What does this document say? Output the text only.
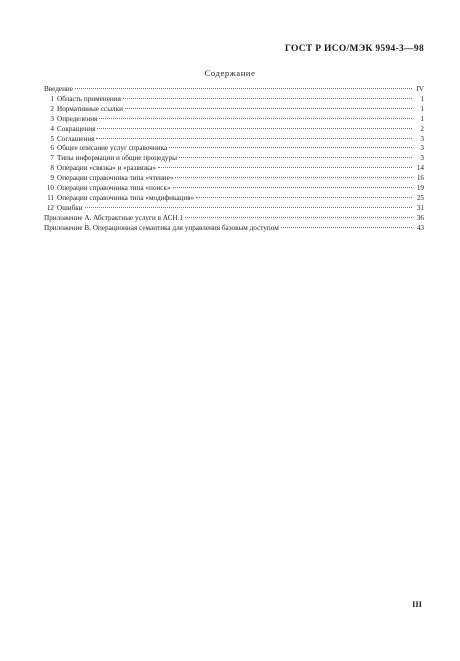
ГОСТ Р ИСО/МЭК 9594-3—98
Содержание
Введение	IV
1 Область применения	1
2 Нормативные ссылки	1
3 Определения	1
4 Сокращения	2
5 Соглашения	3
6 Общее описание услуг справочника	3
7 Типы информации и общие процедуры	3
8 Операции «связка» и «развязка»	14
9 Операции справочника типа «чтение»	16
10 Операции справочника типа «поиск»	19
11 Операции справочника типа «модификация»	25
12 Ошибки	31
Приложение А. Абстрактные услуги в АСН.1	36
Приложение В. Операционная семантика для управления базовым доступом	43
III
